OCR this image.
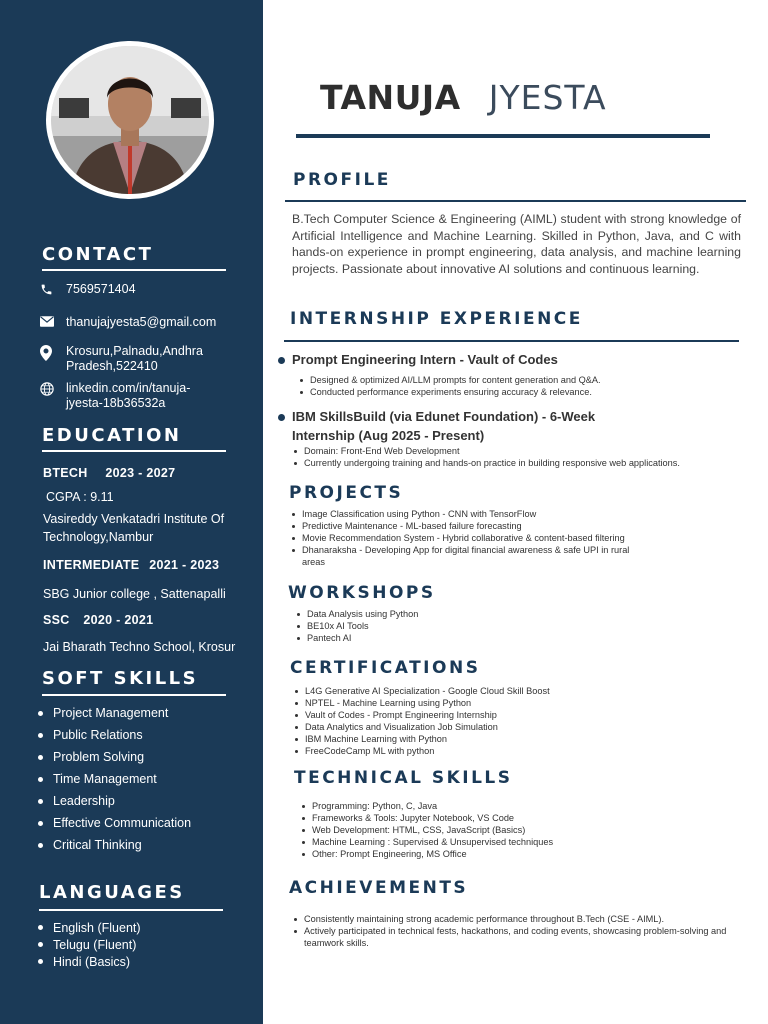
CONTACT
7569571404
thanujajyesta5@gmail.com
Krosuru,Palnadu,Andhra Pradesh,522410
linkedin.com/in/tanuja-jyesta-18b36532a
EDUCATION
BTECH 2023 - 2027
CGPA : 9.11
Vasireddy Venkatadri Institute Of Technology,Nambur
INTERMEDIATE 2021 - 2023
SBG Junior college , Sattenapalli
SSC 2020 - 2021
Jai Bharath Techno School, Krosur
SOFT SKILLS
Project Management
Public Relations
Problem Solving
Time Management
Leadership
Effective Communication
Critical Thinking
LANGUAGES
English (Fluent)
Telugu (Fluent)
Hindi (Basics)
TANUJA JYESTA
PROFILE
B.Tech Computer Science & Engineering (AIML) student with strong knowledge of Artificial Intelligence and Machine Learning. Skilled in Python, Java, and C with hands-on experience in prompt engineering, data analysis, and machine learning projects. Passionate about innovative AI solutions and continuous learning.
INTERNSHIP EXPERIENCE
Prompt Engineering Intern - Vault of Codes
Designed & optimized AI/LLM prompts for content generation and Q&A.
Conducted performance experiments ensuring accuracy & relevance.
IBM SkillsBuild (via Edunet Foundation) - 6-Week Internship (Aug 2025 - Present)
Domain: Front-End Web Development
Currently undergoing training and hands-on practice in building responsive web applications.
PROJECTS
Image Classification using Python - CNN with TensorFlow
Predictive Maintenance - ML-based failure forecasting
Movie Recommendation System - Hybrid collaborative & content-based filtering
Dhanaraksha - Developing App for digital financial awareness & safe UPI in rural areas
WORKSHOPS
Data Analysis using Python
BE10x AI Tools
Pantech AI
CERTIFICATIONS
L4G Generative AI Specialization - Google Cloud Skill Boost
NPTEL - Machine Learning using Python
Vault of Codes - Prompt Engineering Internship
Data Analytics and Visualization Job Simulation
IBM Machine Learning with Python
FreeCodeCamp ML with python
TECHNICAL SKILLS
Programming: Python, C, Java
Frameworks & Tools: Jupyter Notebook, VS Code
Web Development: HTML, CSS, JavaScript (Basics)
Machine Learning : Supervised & Unsupervised techniques
Other: Prompt Engineering, MS Office
ACHIEVEMENTS
Consistently maintaining strong academic performance throughout B.Tech (CSE - AIML).
Actively participated in technical fests, hackathons, and coding events, showcasing problem-solving and teamwork skills.
